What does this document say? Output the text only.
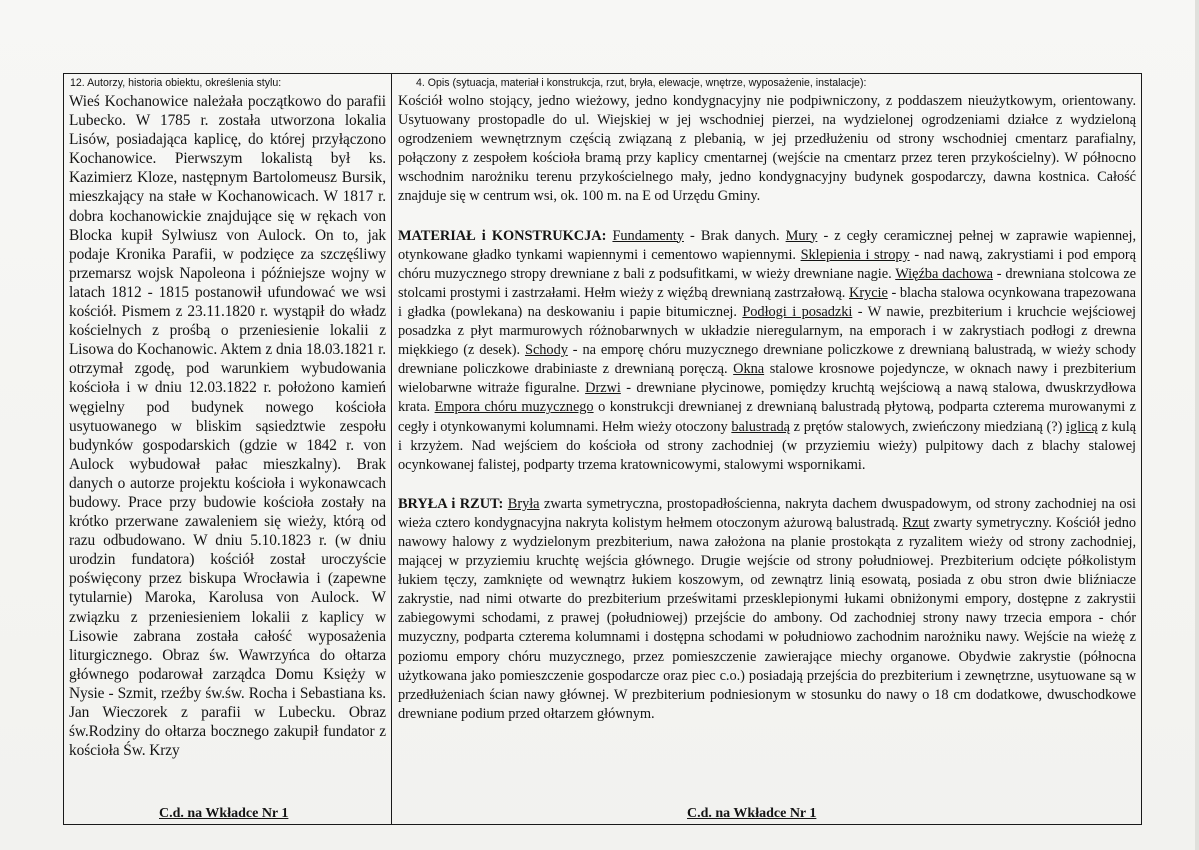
12. Autorzy, historia obiektu, określenia stylu:
Wieś Kochanowice należała początkowo do parafii Lubecko. W 1785 r. została utworzona lokalia Lisów, posiadająca kaplicę, do której przyłączono Kochanowice. Pierwszym lokalistą był ks. Kazimierz Kloze, następnym Bartolomeusz Bursik, mieszkający na stałe w Kochanowicach. W 1817 r. dobra kochanowickie znajdujące się w rękach von Blocka kupił Sylwiusz von Aulock. On to, jak podaje Kronika Parafii, w podzięce za szczęśliwy przemarsz wojsk Napoleona i późniejsze wojny w latach 1812 - 1815 postanowił ufundować we wsi kościół. Pismem z 23.11.1820 r. wystąpił do władz kościelnych z prośbą o przeniesienie lokalii z Lisowa do Kochanowic. Aktem z dnia 18.03.1821 r. otrzymał zgodę, pod warunkiem wybudowania kościoła i w dniu 12.03.1822 r. położono kamień węgielny pod budynek nowego kościoła usytuowanego w bliskim sąsiedztwie zespołu budynków gospodarskich (gdzie w 1842 r. von Aulock wybudował pałac mieszkalny). Brak danych o autorze projektu kościoła i wykonawcach budowy. Prace przy budowie kościoła zostały na krótko przerwane zawaleniem się wieży, którą od razu odbudowano. W dniu 5.10.1823 r. (w dniu urodzin fundatora) kościół został uroczyście poświęcony przez biskupa Wrocławia i (zapewne tytularnie) Maroka, Karolusa von Aulock. W związku z przeniesieniem lokalii z kaplicy w Lisowie zabrana została całość wyposażenia liturgicznego. Obraz św. Wawrzyńca do ołtarza głównego podarował zarządca Domu Księży w Nysie - Szmit, rzeźby św.św. Rocha i Sebastiana ks. Jan Wieczorek z parafii w Lubecku. Obraz św.Rodziny do ołtarza bocznego zakupił fundator z kościoła Św. Krzy
C.d. na Wkładce Nr 1
4. Opis (sytuacja, materiał i konstrukcja, rzut, bryła, elewacje, wnętrze, wyposażenie, instalacje):

Kościół wolno stojący, jedno wieżowy, jedno kondygnacyjny nie podpiwniczony, z poddaszem nieużytkowym, orientowany. Usytuowany prostopadle do ul. Wiejskiej w jej wschodniej pierzei, na wydzielonej ogrodzeniami działce z wydzieloną ogrodzeniem wewnętrznym częścią związaną z plebanią, w jej przedłużeniu od strony wschodniej cmentarz parafialny, połączony z zespołem kościoła bramą przy kaplicy cmentarnej (wejście na cmentarz przez teren przykościelny). W północno wschodnim narożniku terenu przykościelnego mały, jedno kondygnacyjny budynek gospodarczy, dawna kostnica. Całość znajduje się w centrum wsi, ok. 100 m. na E od Urzędu Gminy.

MATERIAŁ i KONSTRUKCJA: Fundamenty - Brak danych. Mury - z cegły ceramicznej pełnej w zaprawie wapiennej, otynkowane gładko tynkami wapiennymi i cementowo wapiennymi. Sklepienia i stropy - nad nawą, zakrystiami i pod emporą chóru muzycznego stropy drewniane z bali z podsufitkami, w wieży drewniane nagie. Więźba dachowa - drewniana stolcowa ze stolcami prostymi i zastrzałami. Hełm wieży z więźbą drewnianą zastrzałową. Krycie - blacha stalowa ocynkowana trapezowana i gładka (powlekana) na deskowaniu i papie bitumicznej. Podłogi i posadzki - W nawie, prezbiterium i kruchcie wejściowej posadzka z płyt marmurowych różnobarwnych w układzie nieregularnym, na emporach i w zakrystiach podłogi z drewna miękkiego (z desek). Schody - na emporę chóru muzycznego drewniane policzkowe z drewnianą balustradą, w wieży schody drewniane policzkowe drabiniaste z drewnianą poręczą. Okna stalowe krosnowe pojedyncze, w oknach nawy i prezbiterium wielobarwne witraże figuralne. Drzwi - drewniane płycinowe, pomiędzy kruchtą wejściową a nawą stalowa, dwuskrzydłowa krata. Empora chóru muzycznego o konstrukcji drewnianej z drewnianą balustradą płytową, podparta czterema murowanymi z cegły i otynkowanymi kolumnami. Hełm wieży otoczony balustradą z prętów stalowych, zwieńczony miedzianą (?) iglicą z kulą i krzyżem. Nad wejściem do kościoła od strony zachodniej (w przyziemiu wieży) pulpitowy dach z blachy stalowej ocynkowanej falistej, podparty trzema kratownicowymi, stalowymi wspornikami.

BRYŁA i RZUT: Bryła zwarta symetryczna, prostopadłościenna, nakryta dachem dwuspadowym, od strony zachodniej na osi wieża cztero kondygnacyjna nakryta kolistym hełmem otoczonym ażurową balustradą. Rzut zwarty symetryczny. Kościół jedno nawowy halowy z wydzielonym prezbiterium, nawa założona na planie prostokąta z ryzalitem wieży od strony zachodniej, mającej w przyziemiu kruchtę wejścia głównego. Drugie wejście od strony południowej. Prezbiterium odcięte półkolistym łukiem tęczy, zamknięte od wewnątrz łukiem koszowym, od zewnątrz linią esowatą, posiada z obu stron dwie bliźniacze zakrystie, nad nimi otwarte do prezbiterium prześwitami przesklepionymi łukami obniżonymi empory, dostępne z zakrystii zabiegowymi schodami, z prawej (południowej) przejście do ambony. Od zachodniej strony nawy trzecia empora - chór muzyczny, podparta czterema kolumnami i dostępna schodami w południowo zachodnim narożniku nawy. Wejście na wieżę z poziomu empory chóru muzycznego, przez pomieszczenie zawierające miechy organowe. Obydwie zakrystie (północna użytkowana jako pomieszczenie gospodarcze oraz piec c.o.) posiadają przejścia do prezbiterium i zewnętrzne, usytuowane są w przedłużeniach ścian nawy głównej. W prezbiterium podniesionym w stosunku do nawy o 18 cm dodatkowe, dwuschodkowe drewniane podium przed ołtarzem głównym.

C.d. na Wkładce Nr 1
